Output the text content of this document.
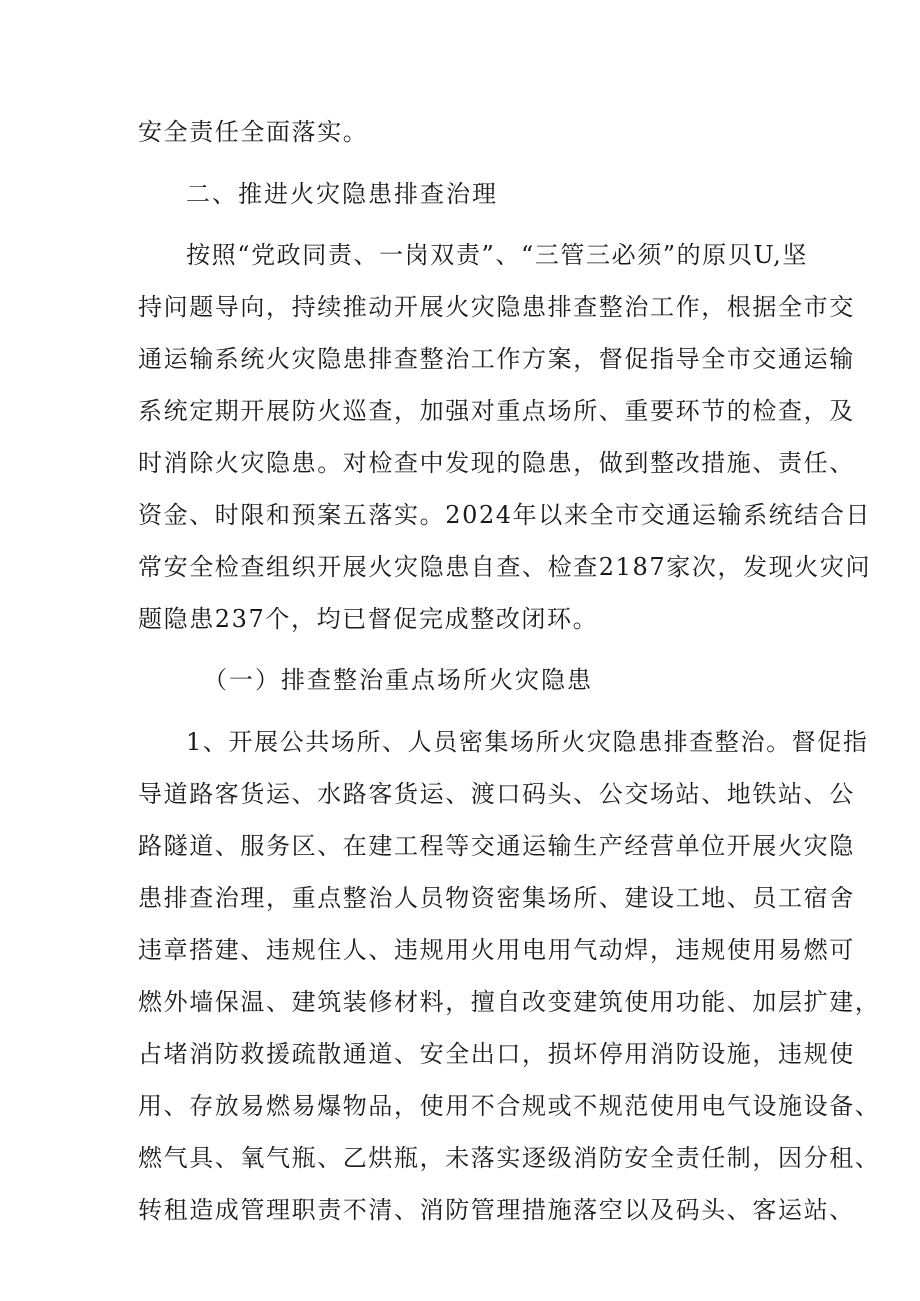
安全责任全面落实。
二、推进火灾隐患排查治理
按照“党政同责、一岗双责”、“三管三必须”的原贝U,坚
持问题导向，持续推动开展火灾隐患排查整治工作，根据全市交
通运输系统火灾隐患排查整治工作方案，督促指导全市交通运输
系统定期开展防火巡查，加强对重点场所、重要环节的检查，及
时消除火灾隐患。对检查中发现的隐患，做到整改措施、责任、
资金、时限和预案五落实。2024年以来全市交通运输系统结合日
常安全检查组织开展火灾隐患自查、检查2187家次，发现火灾问
题隐患237个，均已督促完成整改闭环。
（一）排查整治重点场所火灾隐患
1、开展公共场所、人员密集场所火灾隐患排查整治。督促指
导道路客货运、水路客货运、渡口码头、公交场站、地铁站、公
路隧道、服务区、在建工程等交通运输生产经营单位开展火灾隐
患排查治理，重点整治人员物资密集场所、建设工地、员工宿舍
违章搭建、违规住人、违规用火用电用气动焊，违规使用易燃可
燃外墙保温、建筑装修材料，擅自改变建筑使用功能、加层扩建，
占堵消防救援疏散通道、安全出口，损坏停用消防设施，违规使
用、存放易燃易爆物品，使用不合规或不规范使用电气设施设备、
燃气具、氧气瓶、乙烘瓶，未落实逐级消防安全责任制，因分租、
转租造成管理职责不清、消防管理措施落空以及码头、客运站、
